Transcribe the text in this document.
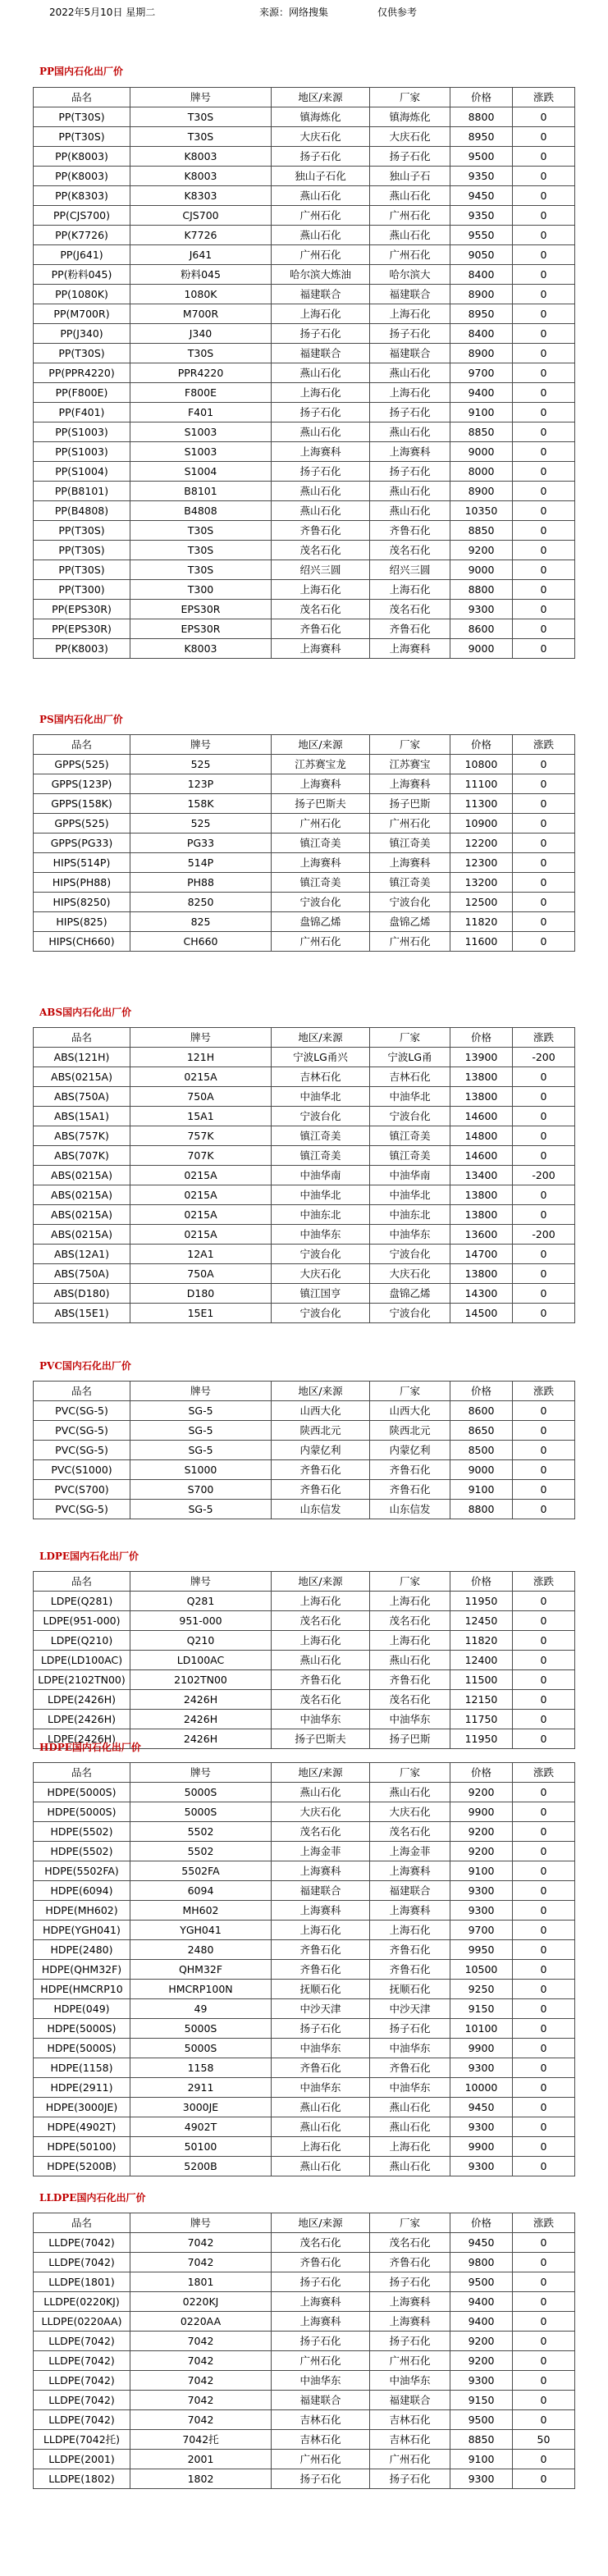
2022年5月10日 星期二	来源：网络搜集	仅供参考
PP国内石化出厂价
品名	牌号	地区/来源	厂家	价格	涨跌
PP(T30S)	T30S	镇海炼化	镇海炼化	8800	0
PP(T30S)	T30S	大庆石化	大庆石化	8950	0
PP(K8003)	K8003	扬子石化	扬子石化	9500	0
PP(K8003)	K8003	独山子石化	独山子石	9350	0
PP(K8303)	K8303	燕山石化	燕山石化	9450	0
PP(CJS700)	CJS700	广州石化	广州石化	9350	0
PP(K7726)	K7726	燕山石化	燕山石化	9550	0
PP(J641)	J641	广州石化	广州石化	9050	0
PP(粉料045)	粉料045	哈尔滨大炼油	哈尔滨大	8400	0
PP(1080K)	1080K	福建联合	福建联合	8900	0
PP(M700R)	M700R	上海石化	上海石化	8950	0
PP(J340)	J340	扬子石化	扬子石化	8400	0
PP(T30S)	T30S	福建联合	福建联合	8900	0
PP(PPR4220)	PPR4220	燕山石化	燕山石化	9700	0
PP(F800E)	F800E	上海石化	上海石化	9400	0
PP(F401)	F401	扬子石化	扬子石化	9100	0
PP(S1003)	S1003	燕山石化	燕山石化	8850	0
PP(S1003)	S1003	上海赛科	上海赛科	9000	0
PP(S1004)	S1004	扬子石化	扬子石化	8000	0
PP(B8101)	B8101	燕山石化	燕山石化	8900	0
PP(B4808)	B4808	燕山石化	燕山石化	10350	0
PP(T30S)	T30S	齐鲁石化	齐鲁石化	8850	0
PP(T30S)	T30S	茂名石化	茂名石化	9200	0
PP(T30S)	T30S	绍兴三圆	绍兴三圆	9000	0
PP(T300)	T300	上海石化	上海石化	8800	0
PP(EPS30R)	EPS30R	茂名石化	茂名石化	9300	0
PP(EPS30R)	EPS30R	齐鲁石化	齐鲁石化	8600	0
PP(K8003)	K8003	上海赛科	上海赛科	9000	0
PS国内石化出厂价
品名	牌号	地区/来源	厂家	价格	涨跌
GPPS(525)	525	江苏赛宝龙	江苏赛宝	10800	0
GPPS(123P)	123P	上海赛科	上海赛科	11100	0
GPPS(158K)	158K	扬子巴斯夫	扬子巴斯	11300	0
GPPS(525)	525	广州石化	广州石化	10900	0
GPPS(PG33)	PG33	镇江奇美	镇江奇美	12200	0
HIPS(514P)	514P	上海赛科	上海赛科	12300	0
HIPS(PH88)	PH88	镇江奇美	镇江奇美	13200	0
HIPS(8250)	8250	宁波台化	宁波台化	12500	0
HIPS(825)	825	盘锦乙烯	盘锦乙烯	11820	0
HIPS(CH660)	CH660	广州石化	广州石化	11600	0
ABS国内石化出厂价
品名	牌号	地区/来源	厂家	价格	涨跌
ABS(121H)	121H	宁波LG甬兴	宁波LG甬	13900	-200
ABS(0215A)	0215A	吉林石化	吉林石化	13800	0
ABS(750A)	750A	中油华北	中油华北	13800	0
ABS(15A1)	15A1	宁波台化	宁波台化	14600	0
ABS(757K)	757K	镇江奇美	镇江奇美	14800	0
ABS(707K)	707K	镇江奇美	镇江奇美	14600	0
ABS(0215A)	0215A	中油华南	中油华南	13400	-200
ABS(0215A)	0215A	中油华北	中油华北	13800	0
ABS(0215A)	0215A	中油东北	中油东北	13800	0
ABS(0215A)	0215A	中油华东	中油华东	13600	-200
ABS(12A1)	12A1	宁波台化	宁波台化	14700	0
ABS(750A)	750A	大庆石化	大庆石化	13800	0
ABS(D180)	D180	镇江国亨	盘锦乙烯	14300	0
ABS(15E1)	15E1	宁波台化	宁波台化	14500	0
PVC国内石化出厂价
品名	牌号	地区/来源	厂家	价格	涨跌
PVC(SG-5)	SG-5	山西大化	山西大化	8600	0
PVC(SG-5)	SG-5	陕西北元	陕西北元	8650	0
PVC(SG-5)	SG-5	内蒙亿利	内蒙亿利	8500	0
PVC(S1000)	S1000	齐鲁石化	齐鲁石化	9000	0
PVC(S700)	S700	齐鲁石化	齐鲁石化	9100	0
PVC(SG-5)	SG-5	山东信发	山东信发	8800	0
LDPE国内石化出厂价
品名	牌号	地区/来源	厂家	价格	涨跌
LDPE(Q281)	Q281	上海石化	上海石化	11950	0
LDPE(951-000)	951-000	茂名石化	茂名石化	12450	0
LDPE(Q210)	Q210	上海石化	上海石化	11820	0
LDPE(LD100AC)	LD100AC	燕山石化	燕山石化	12400	0
LDPE(2102TN00)	2102TN00	齐鲁石化	齐鲁石化	11500	0
LDPE(2426H)	2426H	茂名石化	茂名石化	12150	0
LDPE(2426H)	2426H	中油华东	中油华东	11750	0
LDPE(2426H)	2426H	扬子巴斯夫	扬子巴斯	11950	0
HDPE国内石化出厂价
品名	牌号	地区/来源	厂家	价格	涨跌
HDPE(5000S)	5000S	燕山石化	燕山石化	9200	0
HDPE(5000S)	5000S	大庆石化	大庆石化	9900	0
HDPE(5502)	5502	茂名石化	茂名石化	9200	0
HDPE(5502)	5502	上海金菲	上海金菲	9200	0
HDPE(5502FA)	5502FA	上海赛科	上海赛科	9100	0
HDPE(6094)	6094	福建联合	福建联合	9300	0
HDPE(MH602)	MH602	上海赛科	上海赛科	9300	0
HDPE(YGH041)	YGH041	上海石化	上海石化	9700	0
HDPE(2480)	2480	齐鲁石化	齐鲁石化	9950	0
HDPE(QHM32F)	QHM32F	齐鲁石化	齐鲁石化	10500	0
HDPE(HMCRP10	HMCRP100N	抚顺石化	抚顺石化	9250	0
HDPE(049)	49	中沙天津	中沙天津	9150	0
HDPE(5000S)	5000S	扬子石化	扬子石化	10100	0
HDPE(5000S)	5000S	中油华东	中油华东	9900	0
HDPE(1158)	1158	齐鲁石化	齐鲁石化	9300	0
HDPE(2911)	2911	中油华东	中油华东	10000	0
HDPE(3000JE)	3000JE	燕山石化	燕山石化	9450	0
HDPE(4902T)	4902T	燕山石化	燕山石化	9300	0
HDPE(50100)	50100	上海石化	上海石化	9900	0
HDPE(5200B)	5200B	燕山石化	燕山石化	9300	0
LLDPE国内石化出厂价
品名	牌号	地区/来源	厂家	价格	涨跌
LLDPE(7042)	7042	茂名石化	茂名石化	9450	0
LLDPE(7042)	7042	齐鲁石化	齐鲁石化	9800	0
LLDPE(1801)	1801	扬子石化	扬子石化	9500	0
LLDPE(0220KJ)	0220KJ	上海赛科	上海赛科	9400	0
LLDPE(0220AA)	0220AA	上海赛科	上海赛科	9400	0
LLDPE(7042)	7042	扬子石化	扬子石化	9200	0
LLDPE(7042)	7042	广州石化	广州石化	9200	0
LLDPE(7042)	7042	中油华东	中油华东	9300	0
LLDPE(7042)	7042	福建联合	福建联合	9150	0
LLDPE(7042)	7042	吉林石化	吉林石化	9500	0
LLDPE(7042托)	7042托	吉林石化	吉林石化	8850	50
LLDPE(2001)	2001	广州石化	广州石化	9100	0
LLDPE(1802)	1802	扬子石化	扬子石化	9300	0
